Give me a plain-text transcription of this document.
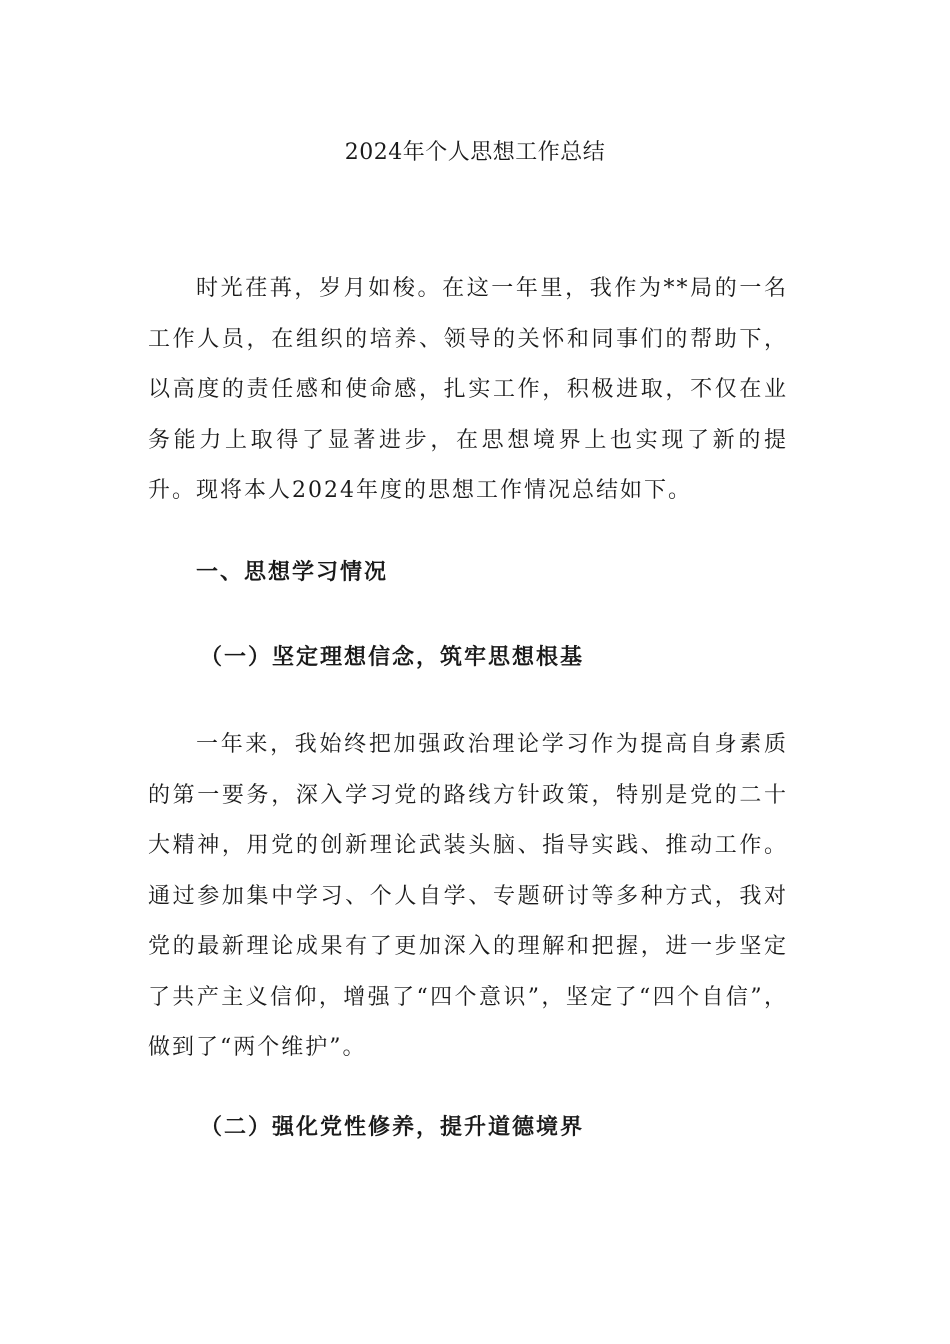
2024年个人思想工作总结

时光荏苒，岁月如梭。在这一年里，我作为**局的一名工作人员，在组织的培养、领导的关怀和同事们的帮助下，以高度的责任感和使命感，扎实工作，积极进取，不仅在业务能力上取得了显著进步，在思想境界上也实现了新的提升。现将本人2024年度的思想工作情况总结如下。

一、思想学习情况
（一）坚定理想信念，筑牢思想根基

一年来，我始终把加强政治理论学习作为提高自身素质的第一要务，深入学习党的路线方针政策，特别是党的二十大精神，用党的创新理论武装头脑、指导实践、推动工作。通过参加集中学习、个人自学、专题研讨等多种方式，我对党的最新理论成果有了更加深入的理解和把握，进一步坚定了共产主义信仰，增强了“四个意识”，坚定了“四个自信”，做到了“两个维护”。

（二）强化党性修养，提升道德境界
